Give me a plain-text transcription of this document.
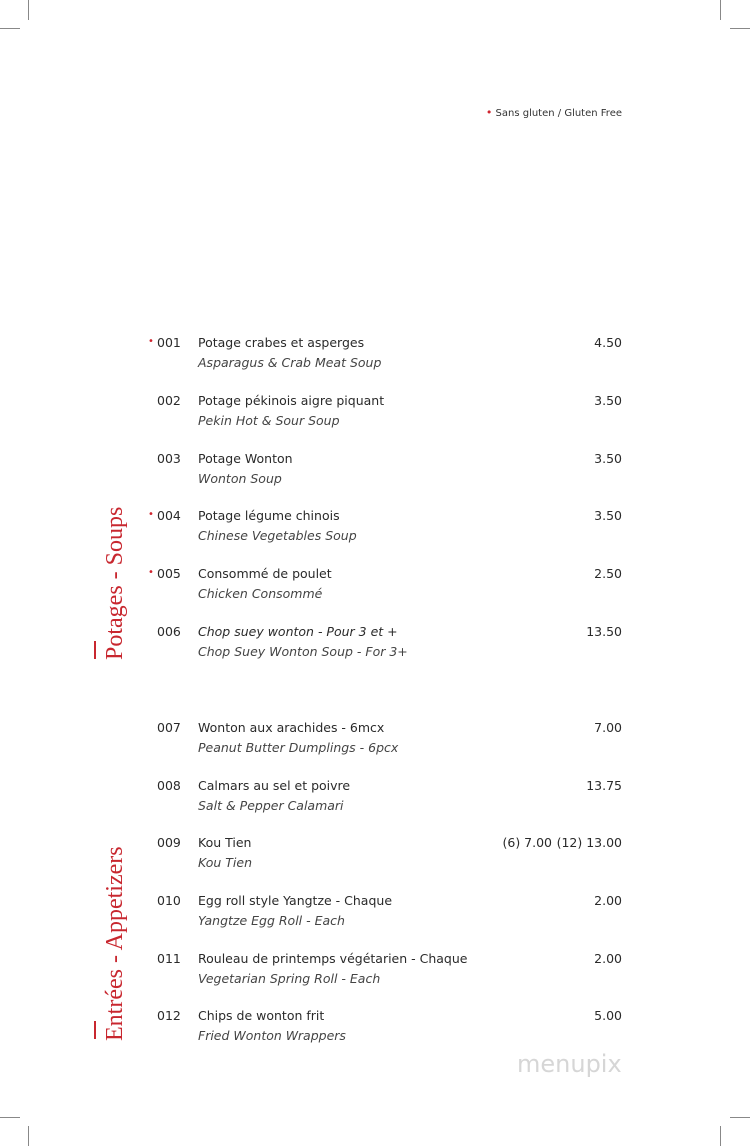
• Sans gluten / Gluten Free
Potages - Soups
Entrées - Appetizers
• 001 Potage crabes et asperges
Asparagus & Crab Meat Soup
4.50
002 Potage pékinois aigre piquant
Pekin Hot & Sour Soup
3.50
003 Potage Wonton
Wonton Soup
3.50
• 004 Potage légume chinois
Chinese Vegetables Soup
3.50
• 005 Consommé de poulet
Chicken Consommé
2.50
006 Chop suey wonton - Pour 3 et +
Chop Suey Wonton Soup - For 3+
13.50
007 Wonton aux arachides - 6mcx
Peanut Butter Dumplings - 6pcx
7.00
008 Calmars au sel et poivre
Salt & Pepper Calamari
13.75
009 Kou Tien
Kou Tien
(6) 7.00 (12) 13.00
010 Egg roll style Yangtze - Chaque
Yangtze Egg Roll - Each
2.00
011 Rouleau de printemps végétarien - Chaque
Vegetarian Spring Roll - Each
2.00
012 Chips de wonton frit
Fried Wonton Wrappers
5.00
menupix
